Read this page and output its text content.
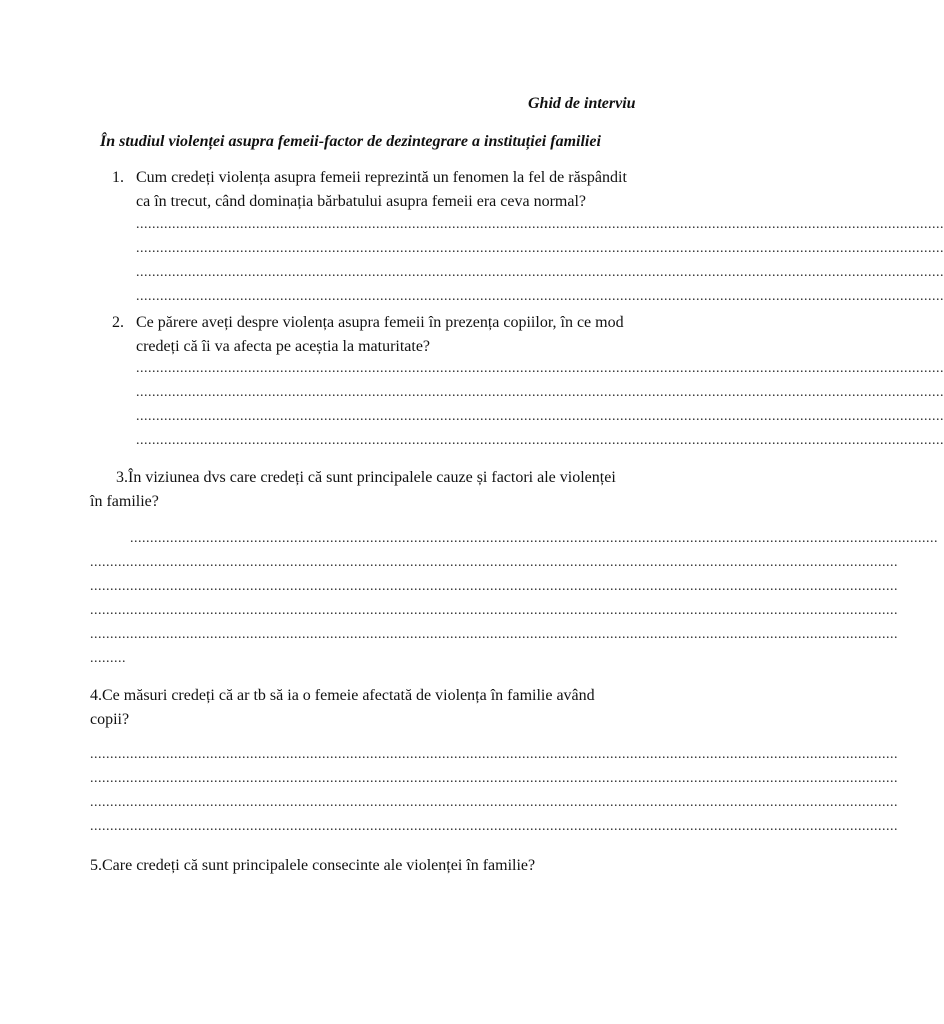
Ghid de interviu
În studiul violenței asupra femeii-factor de dezintegrare a instituției familiei
1. Cum credeți violența asupra femeii reprezintă un fenomen la fel de răspândit
ca în trecut, când dominația bărbatului asupra femeii era ceva normal?
..........................................................................................................................................................................................................
..........................................................................................................................................................................................................
..........................................................................................................................................................................................................
..........................................................................................................................................................................................................
2. Ce părere aveți despre violența asupra femeii în prezența copiilor, în ce mod
credeți că îi va afecta pe aceștia la maturitate?
..........................................................................................................................................................................................................
..........................................................................................................................................................................................................
..........................................................................................................................................................................................................
..........................................................................................................................................................................................................
3.În viziunea dvs care credeți că sunt principalele cauze și factori ale violenței
în familie?
..........................................................................................................................................................................................................
..........................................................................................................................................................................................................
..........................................................................................................................................................................................................
..........................................................................................................................................................................................................
..........................................................................................................................................................................................................
.........
4.Ce măsuri credeți că ar tb să ia o femeie afectată de violența în familie având
copii?
..........................................................................................................................................................................................................
..........................................................................................................................................................................................................
..........................................................................................................................................................................................................
..........................................................................................................................................................................................................
5.Care credeți că sunt principalele consecinte ale violenței în familie?
